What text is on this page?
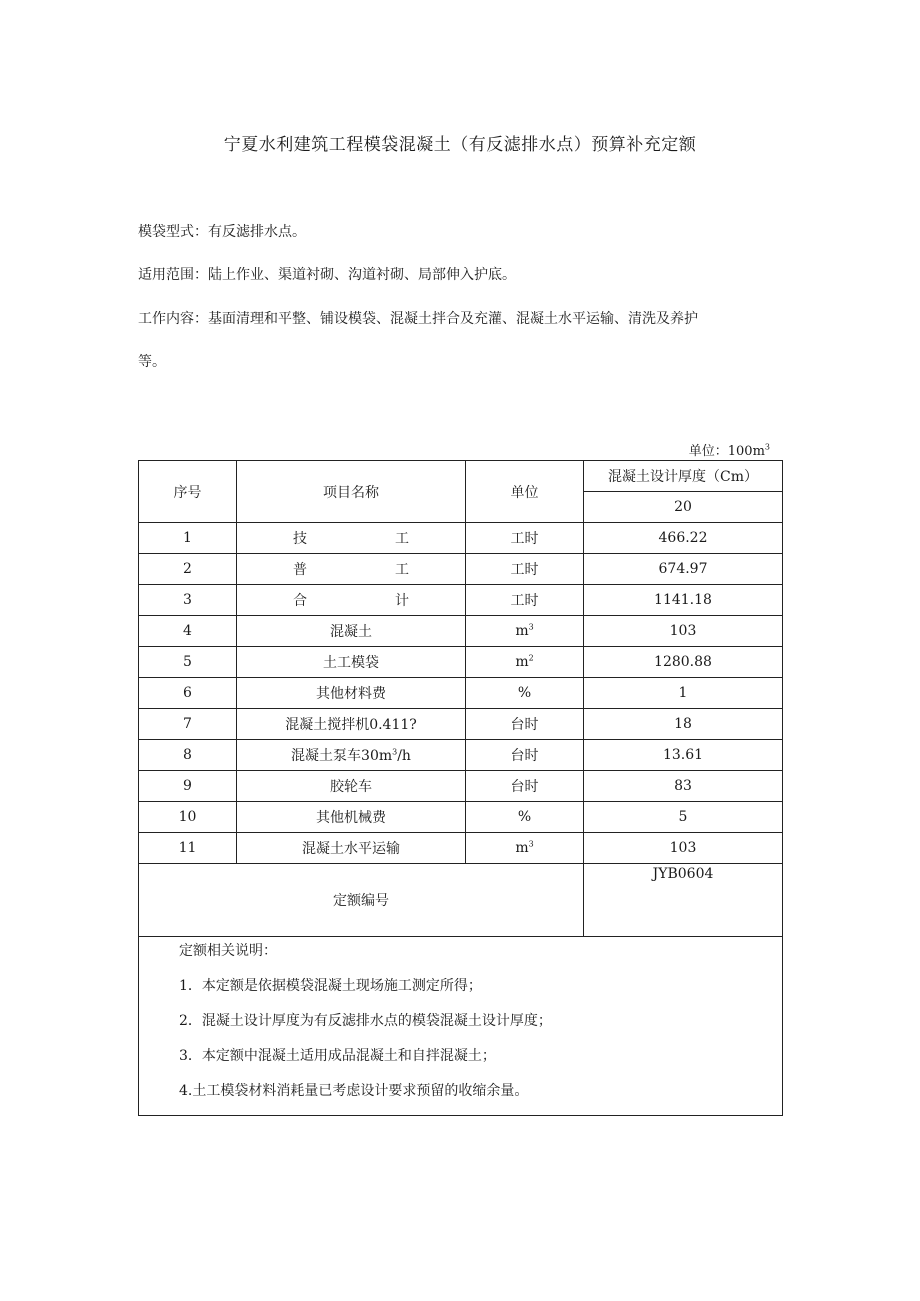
宁夏水利建筑工程模袋混凝土（有反滤排水点）预算补充定额
模袋型式：有反滤排水点。
适用范围：陆上作业、渠道衬砌、沟道衬砌、局部伸入护底。
工作内容：基面清理和平整、铺设模袋、混凝土拌合及充灌、混凝土水平运输、清洗及养护
等。
单位：$100m^3$
序号	项目名称	单位	混凝土设计厚度（Cm）
			20
1	技 工	工时	466.22
2	普 工	工时	674.97
3	合 计	工时	1141.18
4	混凝土	$m^3$	103
5	土工模袋	$m^2$	1280.88
6	其他材料费	%	1
7	混凝土搅拌机0.411?	台时	18
8	混凝土泵车$30m^3/h$	台时	13.61
9	胶轮车	台时	83
10	其他机械费	%	5
11	混凝土水平运输	$m^3$	103
定额编号			JYB0604

定额相关说明：
1．本定额是依据模袋混凝土现场施工测定所得；
2．混凝土设计厚度为有反滤排水点的模袋混凝土设计厚度；
3．本定额中混凝土适用成品混凝土和自拌混凝土；
4.土工模袋材料消耗量已考虑设计要求预留的收缩余量。			
